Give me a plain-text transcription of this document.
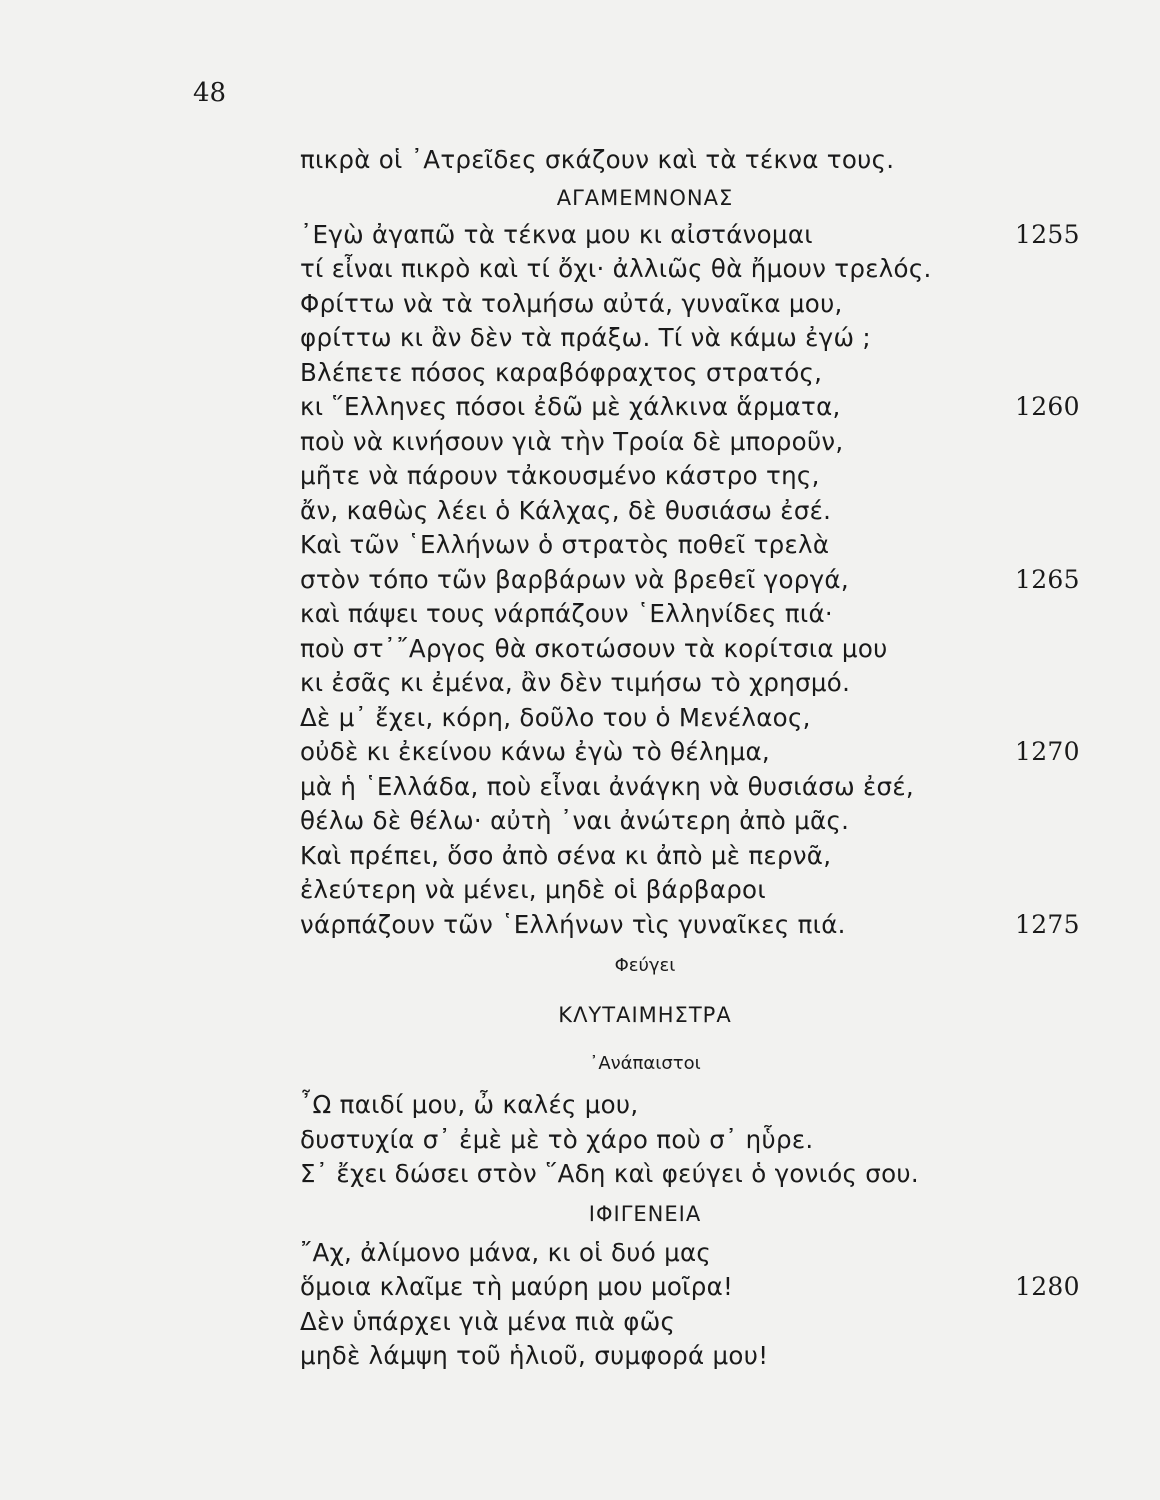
48
πικρὰ οἱ ᾿Ατρεῖδες σκάζουν καὶ τὰ τέκνα τους.
ΑΓΑΜΕΜΝΟΝΑΣ
᾿Εγὼ ἀγαπῶ τὰ τέκνα μου κι αἰστάνομαι	1255
τί εἶναι πικρὸ καὶ τί ὄχι· ἀλλιῶς θὰ ἤμουν τρελός.
Φρίττω νὰ τὰ τολμήσω αὐτά, γυναῖκα μου,
φρίττω κι ἂν δὲν τὰ πράξω. Τί νὰ κάμω ἐγώ ;
Βλέπετε πόσος καραβόφραχτος στρατός,
κι ῞Ελληνες πόσοι ἐδῶ μὲ χάλκινα ἅρματα,	1260
ποὺ νὰ κινήσουν γιὰ τὴν Τροία δὲ μποροῦν,
μῆτε νὰ πάρουν τἀκουσμένο κάστρο της,
ἄν, καθὼς λέει ὁ Κάλχας, δὲ θυσιάσω ἐσέ.
Καὶ τῶν ῾Ελλήνων ὁ στρατὸς ποθεῖ τρελὰ
στὸν τόπο τῶν βαρβάρων νὰ βρεθεῖ γοργά,	1265
καὶ πάψει τους νάρπάζουν ῾Ελληνίδες πιά·
ποὺ στ᾿῎Αργος θὰ σκοτώσουν τὰ κορίτσια μου
κι ἐσᾶς κι ἐμένα, ἂν δὲν τιμήσω τὸ χρησμό.
Δὲ μ᾿ ἔχει, κόρη, δοῦλο του ὁ Μενέλαος,
οὐδὲ κι ἐκείνου κάνω ἐγὼ τὸ θέλημα,	1270
μὰ ἡ ῾Ελλάδα, ποὺ εἶναι ἀνάγκη νὰ θυσιάσω ἐσέ,
θέλω δὲ θέλω· αὐτὴ ᾿ναι ἀνώτερη ἀπὸ μᾶς.
Καὶ πρέπει, ὅσο ἀπὸ σένα κι ἀπὸ μὲ περνᾶ,
ἐλεύτερη νὰ μένει, μηδὲ οἱ βάρβαροι
νάρπάζουν τῶν ῾Ελλήνων τὶς γυναῖκες πιά.	1275
Φεύγει
ΚΛΥΤΑΙΜΗΣΤΡΑ
᾿Ανάπαιστοι
῏Ω παιδί μου, ὦ καλές μου,
δυστυχία σ᾿ ἐμὲ μὲ τὸ χάρο ποὺ σ᾿ ηὗρε.
Σ᾿ ἔχει δώσει στὸν ῞Αδη καὶ φεύγει ὁ γονιός σου.
ΙΦΙΓΕΝΕΙΑ
῎Αχ, ἀλίμονο μάνα, κι οἱ δυό μας
ὅμοια κλαῖμε τὴ μαύρη μου μοῖρα!	1280
Δὲν ὑπάρχει γιὰ μένα πιὰ φῶς
μηδὲ λάμψη τοῦ ἡλιοῦ, συμφορά μου!
